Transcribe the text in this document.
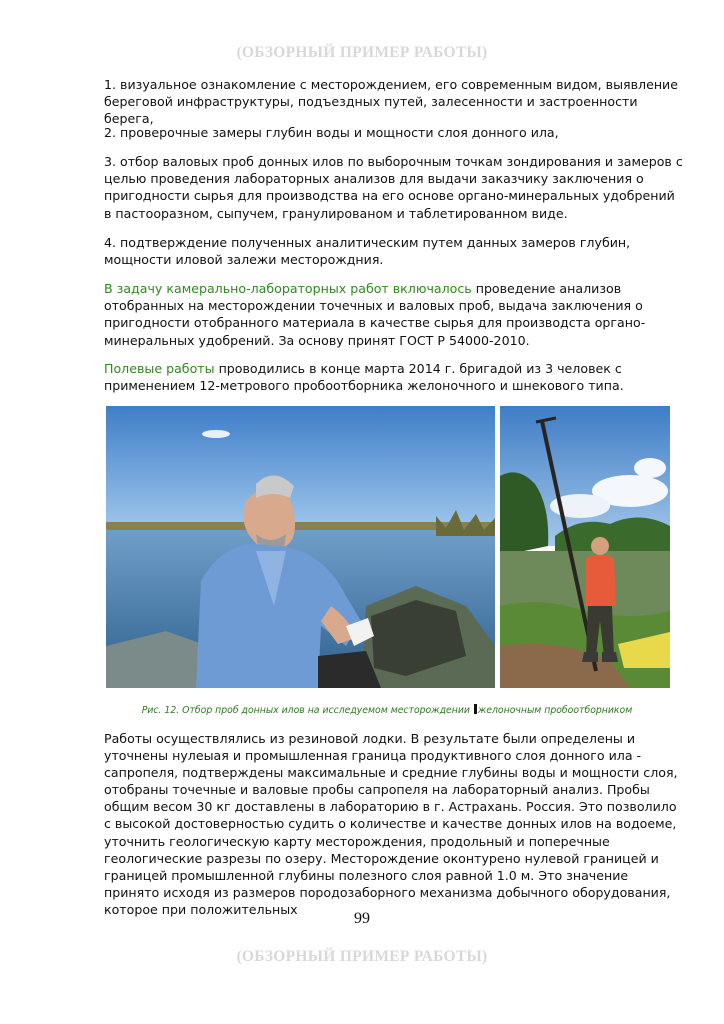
(ОБЗОРНЫЙ ПРИМЕР РАБОТЫ)

1. визуальное ознакомление с месторождением, его современным видом, выявление береговой инфраструктуры, подъездных путей, залесенности и застроенности берега,

2. проверочные замеры глубин воды и мощности слоя донного ила,

3. отбор валовых проб донных илов по выборочным точкам зондирования и замеров с целью проведения лабораторных анализов для выдачи заказчику заключения о пригодности сырья для производства на его основе органо-минеральных удобрений в пастооразном, сыпучем, гранулированом и таблетированном виде.

4. подтверждение полученных аналитическим путем данных замеров глубин, мощности иловой залежи месторождния.

В задачу камерально-лабораторных работ включалось проведение анализов отобранных на месторождении точечных и валовых проб, выдача заключения о пригодности отобранного материала в качестве сырья для производста органо-минеральных удобрений. За основу принят ГОСТ Р 54000-2010.

Полевые работы проводились в конце марта 2014 г. бригадой из 3 человек с применением 12-метрового пробоотборника желоночного и шнекового типа.

Рис. 12. Отбор проб донных илов на исследуемом месторождении желоночным пробоотборником

Работы осуществлялись из резиновой лодки. В результате были определены и уточнены нулеыая и промышленная граница продуктивного слоя донного ила - сапропеля, подтверждены максимальные и средние глубины воды и мощности слоя, отобраны точечные и валовые пробы сапропеля на лабораторный анализ. Пробы общим весом 30 кг доставлены в лабораторию в г. Астрахань. Россия. Это позволило с высокой достоверностью судить о количестве и качестве донных илов на водоеме, уточнить геологическую карту месторождения, продольный и поперечные геологические разрезы по озеру. Месторождение оконтурено нулевой границей и границей промышленной глубины полезного слоя равной 1.0 м. Это значение принято исходя из размеров породозаборного механизма добычного оборудования, которое при положительных

99
(ОБЗОРНЫЙ ПРИМЕР РАБОТЫ)
